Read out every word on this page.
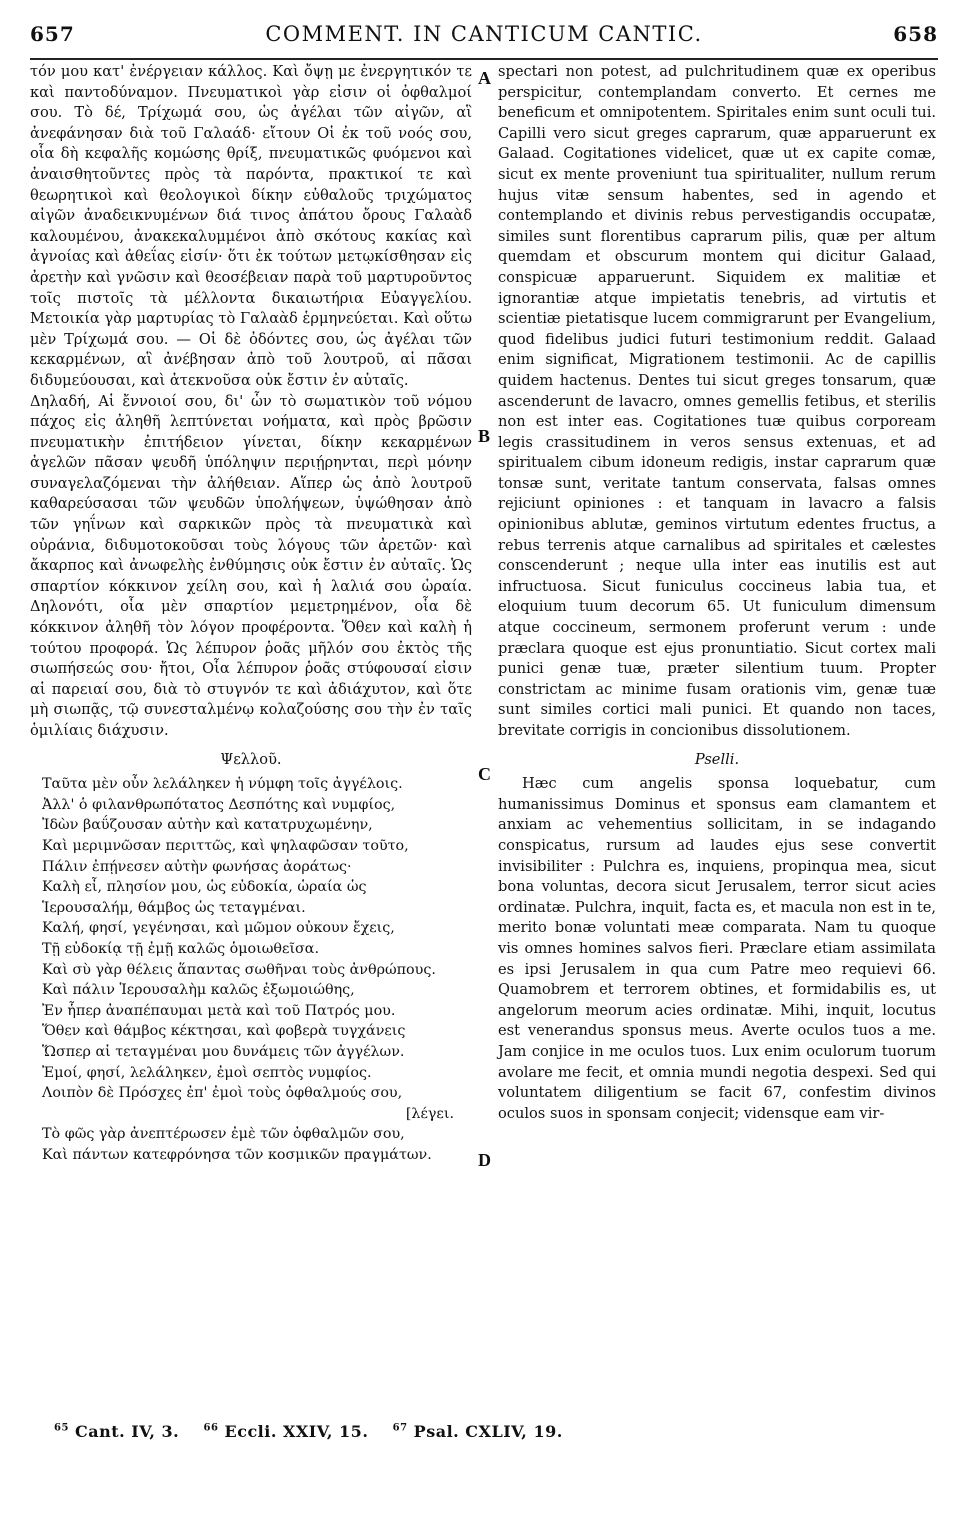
657	COMMENT. IN CANTICUM CANTIC.	658

τόν μου κατ' ἐνέργειαν κάλλος. Καὶ ὄψῃ με ἐνεργητικόν τε καὶ παντοδύναμον. Πνευματικοὶ γὰρ εἰσιν οἱ ὀφθαλμοί σου. Τὸ δέ, Τρίχωμά σου, ὡς ἀγέλαι τῶν αἰγῶν, αἳ ἀνεφάνησαν διὰ τοῦ Γαλαάδ· εἴτουν Οἱ ἐκ τοῦ νοός σου, οἷα δὴ κεφαλῆς κομώσης θρίξ, πνευματικῶς φυόμενοι καὶ ἀναισθητοῦντες πρὸς τὰ παρόντα, πρακτικοί τε καὶ θεωρητικοὶ καὶ θεολογικοὶ δίκην εὐθαλοῦς τριχώματος αἰγῶν ἀναδεικνυμένων διά τινος ἀπάτου ὄρους Γαλαὰδ καλουμένου, ἀνακεκαλυμμένοι ἀπὸ σκότους κακίας καὶ ἀγνοίας καὶ ἀθεΐας εἰσίν· ὅτι ἐκ τούτων μετῳκίσθησαν εἰς ἀρετὴν καὶ γνῶσιν καὶ θεοσέβειαν παρὰ τοῦ μαρτυροῦντος τοῖς πιστοῖς τὰ μέλλοντα δικαιωτήρια Εὐαγγελίου. Μετοικία γὰρ μαρτυρίας τὸ Γαλαὰδ ἑρμηνεύεται. Καὶ οὕτω μὲν Τρίχωμά σου. — Οἱ δὲ ὀδόντες σου, ὡς ἀγέλαι τῶν κεκαρμένων, αἳ ἀνέβησαν ἀπὸ τοῦ λουτροῦ, αἱ πᾶσαι διδυμεύουσαι, καὶ ἀτεκνοῦσα οὐκ ἔστιν ἐν αὐταῖς.

Δηλαδή, Αἱ ἔννοιοί σου, δι' ὧν τὸ σωματικὸν τοῦ νόμου πάχος εἰς ἀληθῆ λεπτύνεται νοήματα, καὶ πρὸς βρῶσιν πνευματικὴν ἐπιτήδειον γίνεται, δίκην κεκαρμένων ἀγελῶν πᾶσαν ψευδῆ ὑπόληψιν περιῄρηνται, περὶ μόνην συναγελαζόμεναι τὴν ἀλήθειαν. Αἵπερ ὡς ἀπὸ λουτροῦ καθαρεύσασαι τῶν ψευδῶν ὑπολήψεων, ὑψώθησαν ἀπὸ τῶν γηΐνων καὶ σαρκικῶν πρὸς τὰ πνευματικὰ καὶ οὐράνια, διδυμοτοκοῦσαι τοὺς λόγους τῶν ἀρετῶν· καὶ ἄκαρπος καὶ ἀνωφελὴς ἐνθύμησις οὐκ ἔστιν ἐν αὐταῖς. Ὡς σπαρτίον κόκκινον χείλη σου, καὶ ἡ λαλιά σου ὡραία. Δηλονότι, οἷα μὲν σπαρτίον μεμετρημένον, οἷα δὲ κόκκινον ἀληθῆ τὸν λόγον προφέροντα. Ὅθεν καὶ καλὴ ἡ τούτου προφορά. Ὡς λέπυρον ῥοᾶς μῆλόν σου ἐκτὸς τῆς σιωπήσεώς σου· ἤτοι, Οἷα λέπυρον ῥοᾶς στύφουσαί εἰσιν αἱ παρειαί σου, διὰ τὸ στυγνόν τε καὶ ἀδιάχυτον, καὶ ὅτε μὴ σιωπᾷς, τῷ συνεσταλμένῳ κολαζούσης σου τὴν ἐν ταῖς ὁμιλίαις διάχυσιν.

Ψελλοῦ.

Ταῦτα μὲν οὖν λελάληκεν ἡ νύμφη τοῖς ἀγγέλοις.
Ἀλλ' ὁ φιλανθρωπότατος Δεσπότης καὶ νυμφίος,
Ἰδὼν βαΰζουσαν αὐτὴν καὶ κατατρυχωμένην,
Καὶ μεριμνῶσαν περιττῶς, καὶ ψηλαφῶσαν τοῦτο,
Πάλιν ἐπῄνεσεν αὐτὴν φωνήσας ἀοράτως·
Καλὴ εἶ, πλησίον μου, ὡς εὐδοκία, ὡραία ὡς
Ἱερουσαλήμ, θάμβος ὡς τεταγμέναι.
Καλή, φησί, γεγένησαι, καὶ μῶμον οὐκουν ἔχεις,
Τῇ εὐδοκίᾳ τῇ ἐμῇ καλῶς ὁμοιωθεῖσα.
Καὶ σὺ γὰρ θέλεις ἅπαντας σωθῆναι τοὺς ἀνθρώπους.
Καὶ πάλιν Ἱερουσαλὴμ καλῶς ἐξωμοιώθης,
Ἐν ἧπερ ἀναπέπαυμαι μετὰ καὶ τοῦ Πατρός μου.
Ὅθεν καὶ θάμβος κέκτησαι, καὶ φοβερὰ τυγχάνεις
Ὥσπερ αἱ τεταγμέναι μου δυνάμεις τῶν ἀγγέλων.
Ἐμοί, φησί, λελάληκεν, ἐμοὶ σεπτὸς νυμφίος.
Λοιπὸν δὲ Πρόσχες ἐπ' ἐμοὶ τοὺς ὀφθαλμούς σου,
[λέγει.
Τὸ φῶς γὰρ ἀνεπτέρωσεν ἐμὲ τῶν ὀφθαλμῶν σου,
Καὶ πάντων κατεφρόνησα τῶν κοσμικῶν πραγμάτων.

spectari non potest, ad pulchritudinem quæ ex operibus perspicitur, contemplandam converto. Et cernes me beneficum et omnipotentem. Spiritales enim sunt oculi tui. Capilli vero sicut greges caprarum, quæ apparuerunt ex Galaad. Cogitationes videlicet, quæ ut ex capite comæ, sicut ex mente proveniunt tua spiritualiter, nullum rerum hujus vitæ sensum habentes, sed in agendo et contemplando et divinis rebus pervestigandis occupatæ, similes sunt florentibus caprarum pilis, quæ per altum quemdam et obscurum montem qui dicitur Galaad, conspicuæ apparuerunt. Siquidem ex malitiæ et ignorantiæ atque impietatis tenebris, ad virtutis et scientiæ pietatisque lucem commigrarunt per Evangelium, quod fidelibus judici futuri testimonium reddit. Galaad enim significat, Migrationem testimonii. Ac de capillis quidem hactenus. Dentes tui sicut greges tonsarum, quæ ascenderunt de lavacro, omnes gemellis fetibus, et sterilis non est inter eas. Cogitationes tuæ quibus corpoream legis crassitudinem in veros sensus extenuas, et ad spiritualem cibum idoneum redigis, instar caprarum quæ tonsæ sunt, veritate tantum conservata, falsas omnes rejiciunt opiniones : et tanquam in lavacro a falsis opinionibus ablutæ, geminos virtutum edentes fructus, a rebus terrenis atque carnalibus ad spiritales et cælestes conscenderunt ; neque ulla inter eas inutilis est aut infructuosa. Sicut funiculus coccineus labia tua, et eloquium tuum decorum 65. Ut funiculum dimensum atque coccineum, sermonem proferunt verum : unde præclara quoque est ejus pronuntiatio. Sicut cortex mali punici genæ tuæ, præter silentium tuum. Propter constrictam ac minime fusam orationis vim, genæ tuæ sunt similes cortici mali punici. Et quando non taces, brevitate corrigis in concionibus dissolutionem.

Pselli.

Hæc cum angelis sponsa loquebatur, cum humanissimus Dominus et sponsus eam clamantem et anxiam ac vehementius sollicitam, in se indagando conspicatus, rursum ad laudes ejus sese convertit invisibiliter : Pulchra es, inquiens, propinqua mea, sicut bona voluntas, decora sicut Jerusalem, terror sicut acies ordinatæ. Pulchra, inquit, facta es, et macula non est in te, merito bonæ voluntati meæ comparata. Nam tu quoque vis omnes homines salvos fieri. Præclare etiam assimilata es ipsi Jerusalem in qua cum Patre meo requievi 66. Quamobrem et terrorem obtines, et formidabilis es, ut angelorum meorum acies ordinatæ. Mihi, inquit, locutus est venerandus sponsus meus. Averte oculos tuos a me. Jam conjice in me oculos tuos. Lux enim oculorum tuorum avolare me fecit, et omnia mundi negotia despexi. Sed qui voluntatem diligentium se facit 67, confestim divinos oculos suos in sponsam conjecit; vidensque eam vir-

A
B
C
D
$^{65}$ Cant. IV, 3. $^{66}$ Eccli. XXIV, 15. $^{67}$ Psal. CXLIV, 19.
